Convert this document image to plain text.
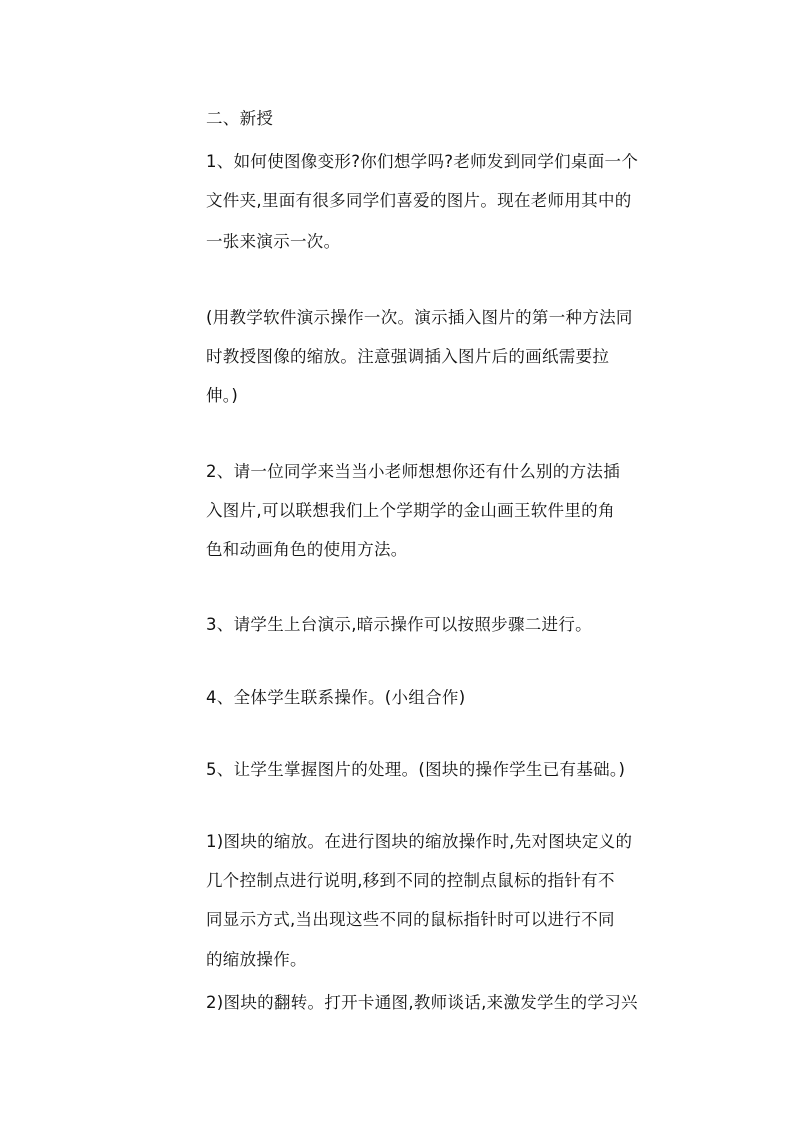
二、新授
1、如何使图像变形?你们想学吗?老师发到同学们桌面一个
文件夹,里面有很多同学们喜爱的图片。现在老师用其中的
一张来演示一次。
(用教学软件演示操作一次。演示插入图片的第一种方法同
时教授图像的缩放。注意强调插入图片后的画纸需要拉
伸。)
2、请一位同学来当当小老师想想你还有什么别的方法插
入图片,可以联想我们上个学期学的金山画王软件里的角
色和动画角色的使用方法。
3、请学生上台演示,暗示操作可以按照步骤二进行。
4、全体学生联系操作。(小组合作)
5、让学生掌握图片的处理。(图块的操作学生已有基础。)
1)图块的缩放。在进行图块的缩放操作时,先对图块定义的
几个控制点进行说明,移到不同的控制点鼠标的指针有不
同显示方式,当出现这些不同的鼠标指针时可以进行不同
的缩放操作。
2)图块的翻转。打开卡通图,教师谈话,来激发学生的学习兴
